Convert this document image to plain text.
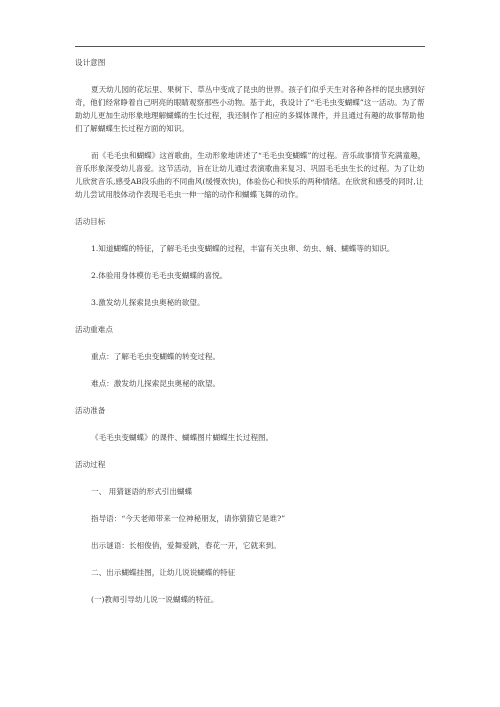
设计意图

夏天幼儿园的花坛里、果树下、草丛中变成了昆虫的世界。孩子们似乎天生对各种各样的昆虫感到好奇，他们经常睁着自己明亮的眼睛观察那些小动物。基于此，我设计了“毛毛虫变蝴蝶”这一活动。为了帮助幼儿更加生动形象地理解蝴蝶的生长过程，我还制作了相应的多媒体课件，并且通过有趣的故事帮助他们了解蝴蝶生长过程方面的知识。

而《毛毛虫和蝴蝶》这首歌曲，生动形象地讲述了“毛毛虫变蝴蝶”的过程。音乐故事情节充满童趣，音乐形象深受幼儿喜爱。这节活动，旨在让幼儿通过表演歌曲来复习、巩固毛毛虫生长的过程。为了让幼儿欣赏音乐,感受AB段乐曲的不同曲风(缓慢欢快)，体验伤心和快乐的两种情绪。在欣赏和感受的同时,让幼儿尝试用肢体动作表现毛毛虫一伸一缩的动作和蝴蝶飞舞的动作。

活动目标

1.知道蝴蝶的特征，了解毛毛虫变蝴蝶的过程，丰富有关虫卵、幼虫、蛹、蝴蝶等的知识。

2.体验用身体模仿毛毛虫变蝴蝶的喜悦。

3.激发幼儿探索昆虫奥秘的欲望。

活动重难点

重点：了解毛毛虫变蝴蝶的转变过程。

难点：激发幼儿探索昆虫奥秘的欲望。

活动准备

《毛毛虫变蝴蝶》的课件、蝴蝶图片蝴蝶生长过程图。

活动过程

一、 用猜谜语的形式引出蝴蝶

指导语：“今天老师带来一位神秘朋友，请你猜猜它是谁?”

出示谜语：长相俊俏，爱舞爱跳，春花一开，它就来到。

二、出示蝴蝶挂图，让幼儿说说蝴蝶的特征

(一)教师引导幼儿说一说蝴蝶的特征。
